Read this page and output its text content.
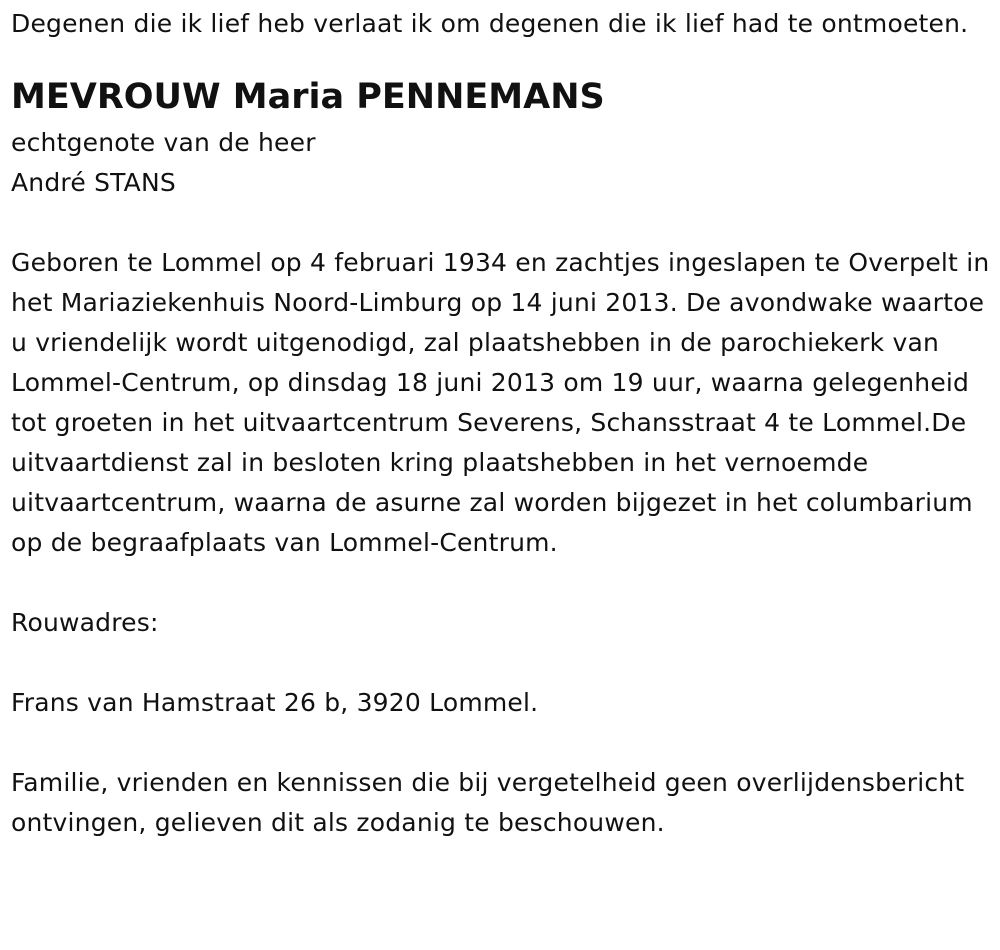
Degenen die ik lief heb verlaat ik om degenen die ik lief had te ontmoeten.

MEVROUW Maria PENNEMANS

echtgenote van de heer

André STANS

Geboren te Lommel op 4 februari 1934 en zachtjes ingeslapen te Overpelt in het Mariaziekenhuis Noord-Limburg op 14 juni 2013. De avondwake waartoe u vriendelijk wordt uitgenodigd, zal plaatshebben in de parochiekerk van Lommel-Centrum, op dinsdag 18 juni 2013 om 19 uur, waarna gelegenheid tot groeten in het uitvaartcentrum Severens, Schansstraat 4 te Lommel.De uitvaartdienst zal in besloten kring plaatshebben in het vernoemde uitvaartcentrum, waarna de asurne zal worden bijgezet in het columbarium op de begraafplaats van Lommel-Centrum.

Rouwadres:

Frans van Hamstraat 26 b, 3920 Lommel.

Familie, vrienden en kennissen die bij vergetelheid geen overlijdensbericht ontvingen, gelieven dit als zodanig te beschouwen.
